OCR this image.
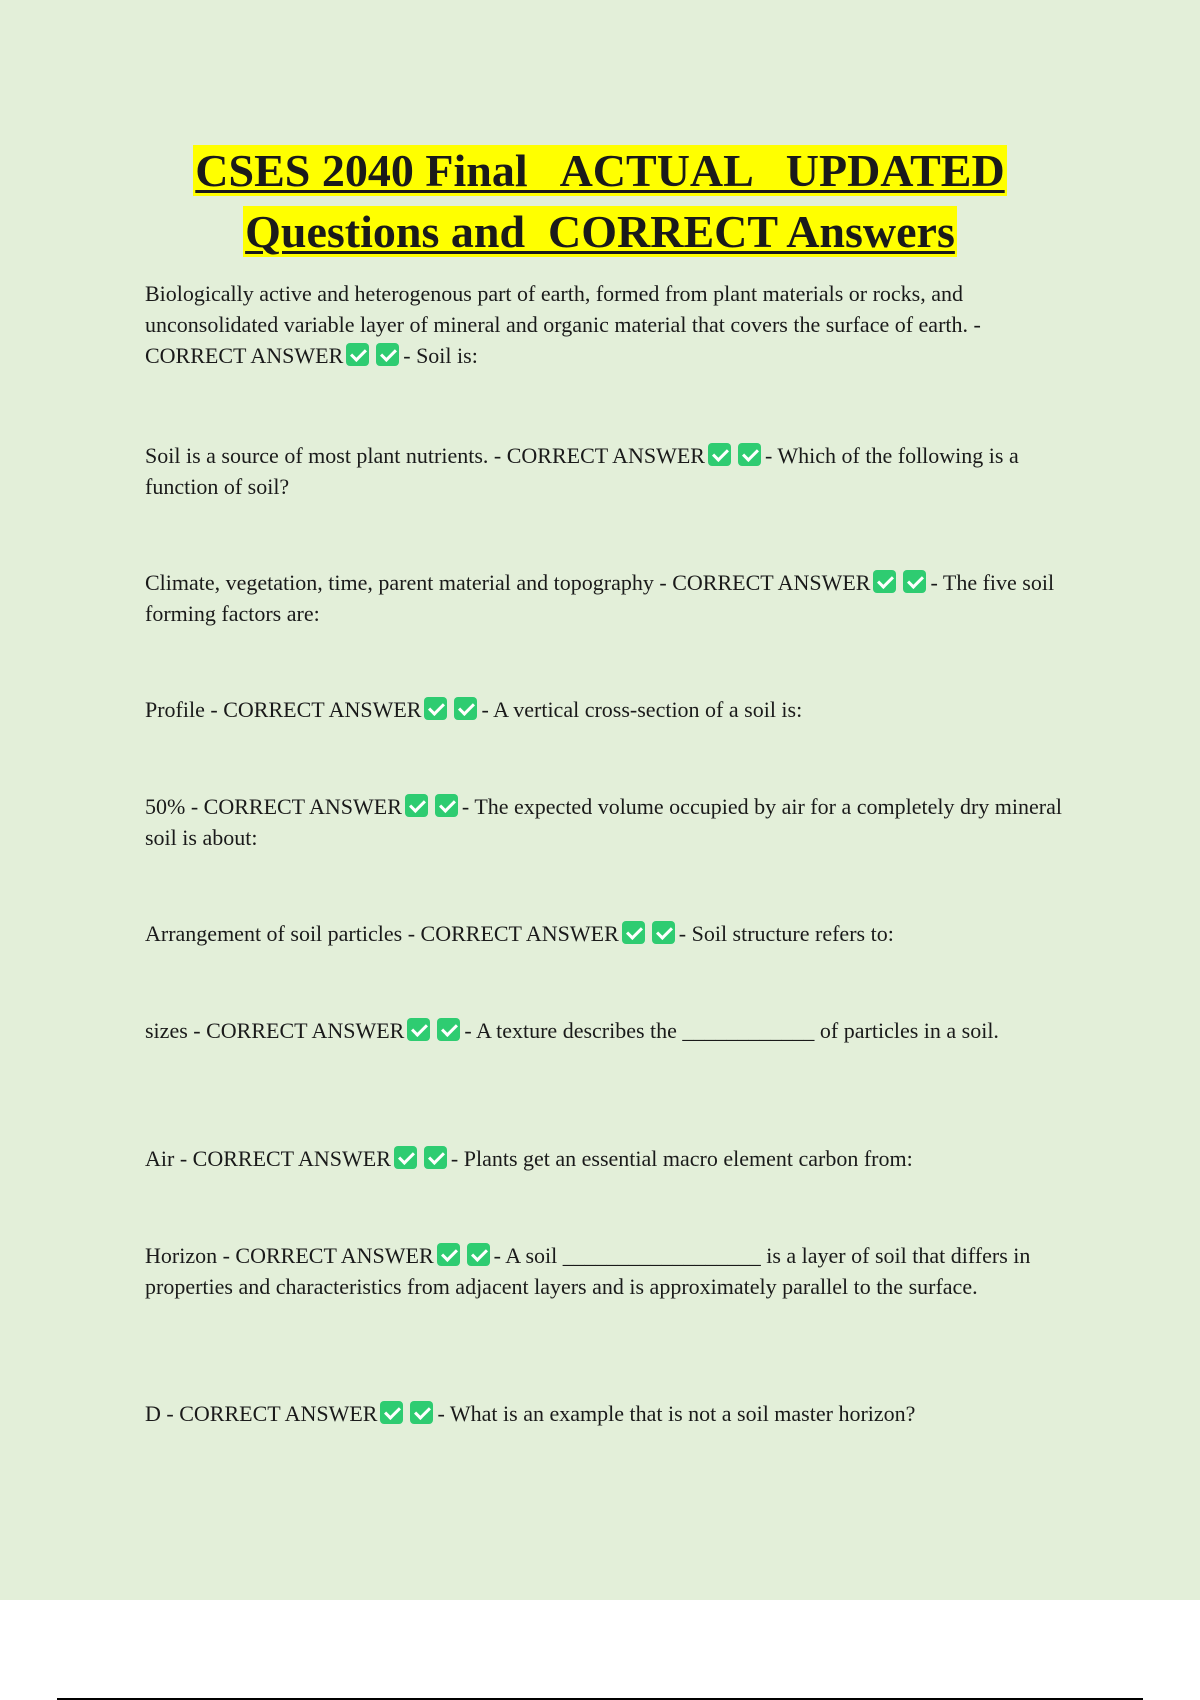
CSES 2040 Final   ACTUAL   UPDATED
Questions and  CORRECT Answers

Biologically active and heterogenous part of earth, formed from plant materials or rocks, and unconsolidated variable layer of mineral and organic material that covers the surface of earth. - CORRECT ANSWER	- Soil is:

Soil is a source of most plant nutrients. - CORRECT ANSWER	- Which of the following is a function of soil?

Climate, vegetation, time, parent material and topography - CORRECT ANSWER	- The five soil forming factors are:

Profile - CORRECT ANSWER	- A vertical cross-section of a soil is:

50% - CORRECT ANSWER	- The expected volume occupied by air for a completely dry mineral soil is about:

Arrangement of soil particles - CORRECT ANSWER	- Soil structure refers to:

sizes - CORRECT ANSWER	- A texture describes the ____________ of particles in a soil.

Air - CORRECT ANSWER	- Plants get an essential macro element carbon from:

Horizon - CORRECT ANSWER	- A soil __________________ is a layer of soil that differs in properties and characteristics from adjacent layers and is approximately parallel to the surface.

D - CORRECT ANSWER	- What is an example that is not a soil master horizon?
